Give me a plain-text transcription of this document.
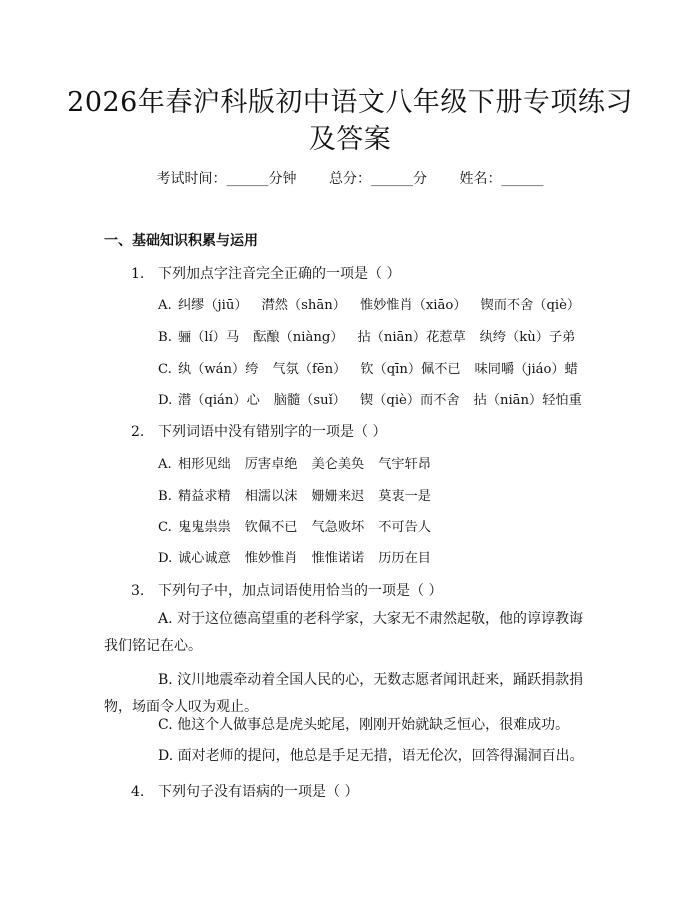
2026年春沪科版初中语文八年级下册专项练习及答案
考试时间：______分钟 总分：______分 姓名：______
一、基础知识积累与运用
1. 下列加点字注音完全正确的一项是（ ）
A. 纠缪（jiū） 潸然（shān） 惟妙惟肖（xiāo） 锲而不舍（qiè）
B. 骊（lí）马 酝酿（niàng） 拈（niān）花惹草 纨绔（kù）子弟
C. 纨（wán）绔 气氛（fēn） 钦（qīn）佩不已 味同嚼（jiáo）蜡
D. 潜（qián）心 脑髓（suǐ） 锲（qiè）而不舍 拈（niān）轻怕重
2. 下列词语中没有错别字的一项是（ ）
A. 相形见绌 厉害卓绝 美仑美奂 气宇轩昂
B. 精益求精 相濡以沫 姗姗来迟 莫衷一是
C. 鬼鬼祟祟 钦佩不已 气急败坏 不可告人
D. 诚心诚意 惟妙惟肖 惟惟诺诺 历历在目
3. 下列句子中，加点词语使用恰当的一项是（ ）
A. 对于这位德高望重的老科学家，大家无不肃然起敬，他的谆谆教诲我们铭记在心。
B. 汶川地震牵动着全国人民的心，无数志愿者闻讯赶来，踊跃捐款捐物，场面令人叹为观止。
C. 他这个人做事总是虎头蛇尾，刚刚开始就缺乏恒心，很难成功。
D. 面对老师的提问，他总是手足无措，语无伦次，回答得漏洞百出。
4. 下列句子没有语病的一项是（ ）
